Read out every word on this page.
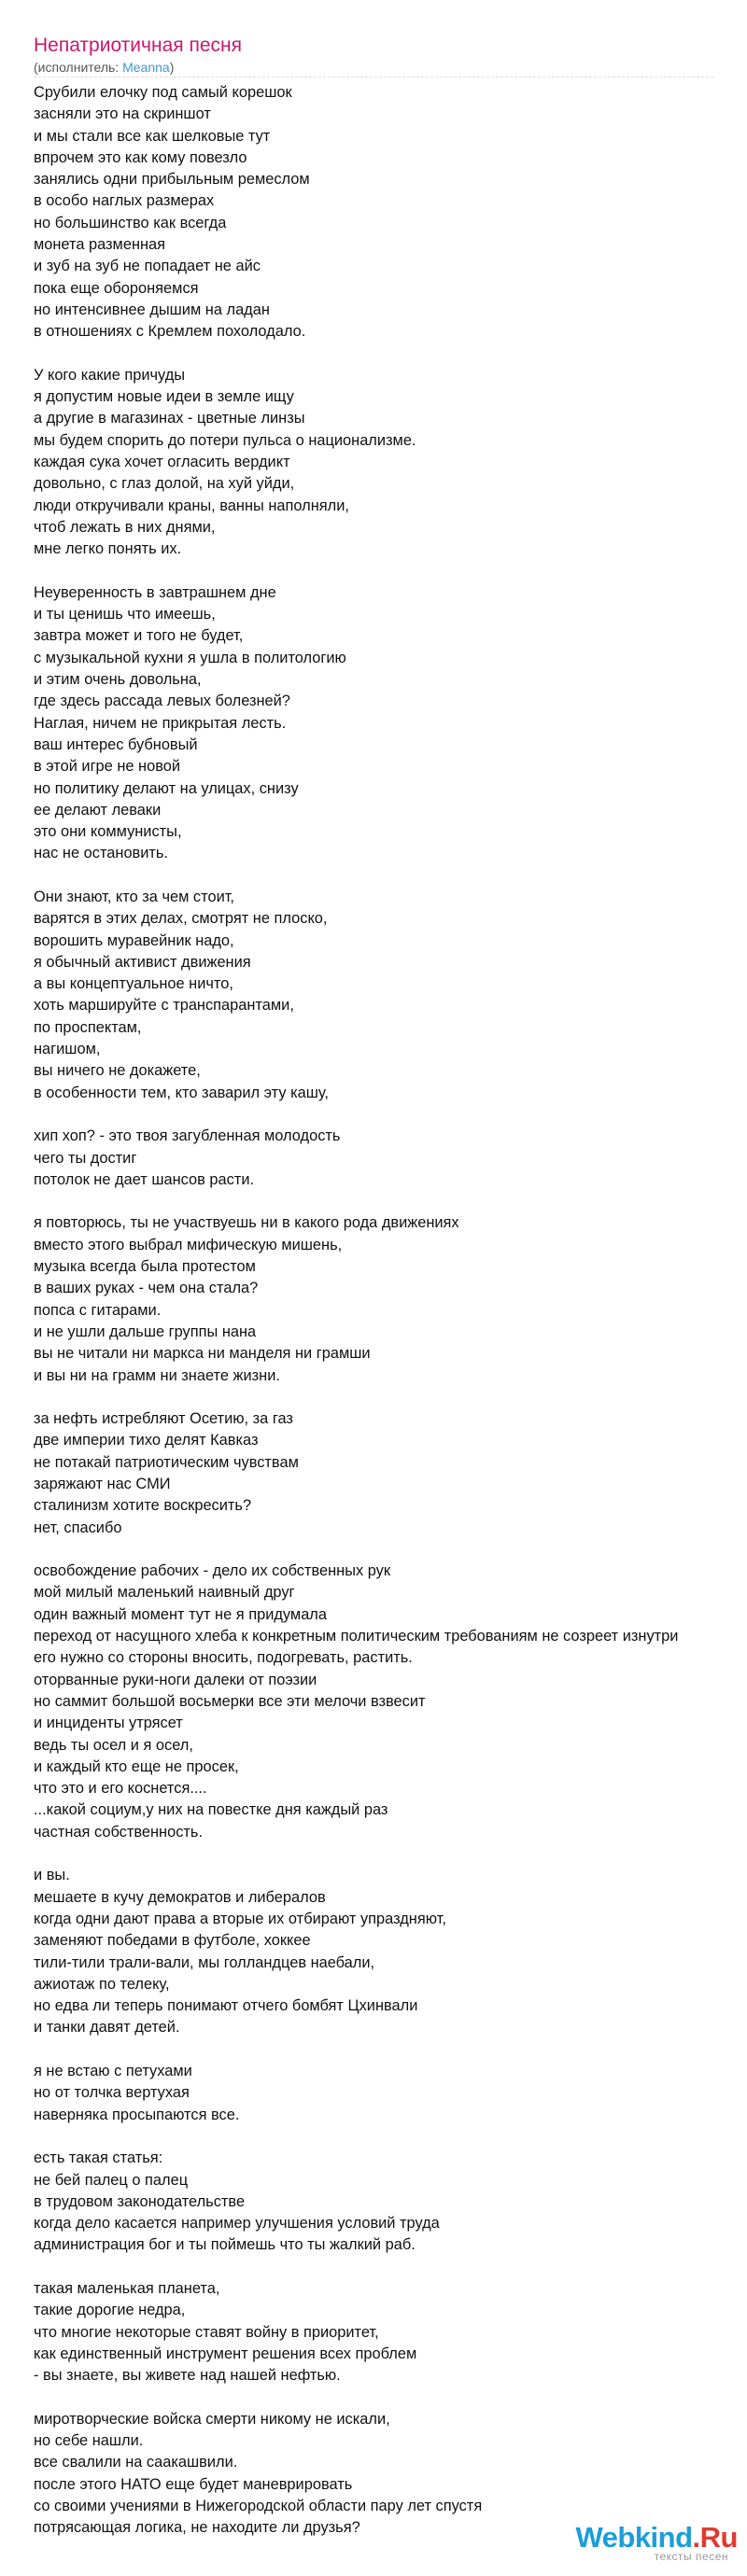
Непатриотичная песня
(исполнитель: Meanna)
Срубили елочку под самый корешок
засняли это на скриншот
и мы стали все как шелковые тут
впрочем это как кому повезло
занялись одни прибыльным ремеслом
в особо наглых размерах
но большинство как всегда
монета разменная
и зуб на зуб не попадает не айс
пока еще обороняемся
но интенсивнее дышим на ладан
в отношениях с Кремлем похолодало.
У кого какие причуды
я допустим новые идеи в земле ищу
а другие в магазинах - цветные линзы
мы будем спорить до потери пульса о национализме.
каждая сука хочет огласить вердикт
довольно, с глаз долой, на хуй уйди,
люди откручивали краны, ванны наполняли,
чтоб лежать в них днями,
мне легко понять их.
Неуверенность в завтрашнем дне
и ты ценишь что имеешь,
завтра может и того не будет,
с музыкальной кухни я ушла в политологию
и этим очень довольна,
где здесь рассада левых болезней?
Наглая, ничем не прикрытая лесть.
ваш интерес бубновый
в этой игре не новой
но политику делают на улицах, снизу
ее делают леваки
это они коммунисты,
нас не остановить.
Они знают, кто за чем стоит,
варятся в этих делах, смотрят не плоско,
ворошить муравейник надо,
я обычный активист движения
а вы концептуальное ничто,
хоть маршируйте с транспарантами,
по проспектам,
нагишом,
вы ничего не докажете,
в особенности тем, кто заварил эту кашу,
хип хоп? - это твоя загубленная молодость
чего ты достиг
потолок не дает шансов расти.
я повторюсь, ты не участвуешь ни в какого рода движениях
вместо этого выбрал мифическую мишень,
музыка всегда была протестом
в ваших руках - чем она стала?
попса с гитарами.
и не ушли дальше группы нана
вы не читали ни маркса ни манделя ни грамши
и вы ни на грамм ни знаете жизни.
за нефть истребляют Осетию, за газ
две империи тихо делят Кавказ
не потакай патриотическим чувствам
заряжают нас СМИ
сталинизм хотите воскресить?
нет, спасибо
освобождение рабочих - дело их собственных рук
мой милый маленький наивный друг
один важный момент тут не я придумала
переход от насущного хлеба к конкретным политическим требованиям не созреет изнутри
его нужно со стороны вносить, подогревать, растить.
оторванные руки-ноги далеки от поэзии
но саммит большой восьмерки все эти мелочи взвесит
и инциденты утрясет
ведь ты осел и я осел,
и каждый кто еще не просек,
что это и его коснется....
...какой социум,у них на повестке дня каждый раз
частная собственность.
и вы.
мешаете в кучу демократов и либералов
когда одни дают права а вторые их отбирают упраздняют,
заменяют победами в футболе, хоккее
тили-тили трали-вали, мы голландцев наебали,
ажиотаж по телеку,
но едва ли теперь понимают отчего бомбят Цхинвали
и танки давят детей.
я не встаю с петухами
но от толчка вертухая
наверняка просыпаются все.
есть такая статья:
не бей палец о палец
в трудовом законодательстве
когда дело касается например улучшения условий труда
администрация бог и ты поймешь что ты жалкий раб.
такая маленькая планета,
такие дорогие недра,
что многие некоторые ставят войну в приоритет,
как единственный инструмент решения всех проблем
- вы знаете, вы живете над нашей нефтью.
миротворческие войска смерти никому не искали,
но себе нашли.
все свалили на саакашвили.
после этого НАТО еще будет маневрировать
со своими учениями в Нижегородской области пару лет спустя
потрясающая логика, не находите ли друзья?	Webkind.Ru
тексты песен
